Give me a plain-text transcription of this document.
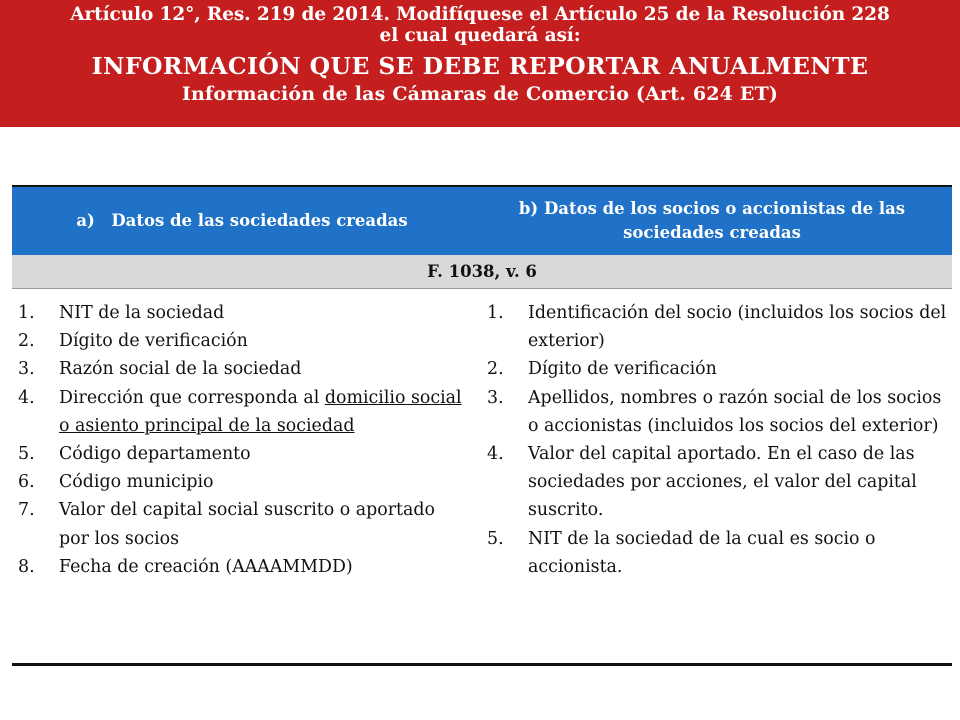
Artículo 12°, Res. 219 de 2014. Modifíquese el Artículo 25 de la Resolución 228
el cual quedará así:
INFORMACIÓN QUE SE DEBE REPORTAR ANUALMENTE
Información de las Cámaras de Comercio (Art. 624 ET)
a) Datos de las sociedades creadas
b) Datos de los socios o accionistas de las sociedades creadas
F. 1038, v. 6
1. NIT de la sociedad
2. Dígito de verificación
3. Razón social de la sociedad
4. Dirección que corresponda al domicilio social o asiento principal de la sociedad
5. Código departamento
6. Código municipio
7. Valor del capital social suscrito o aportado por los socios
8. Fecha de creación (AAAAMMDD)
1. Identificación del socio (incluidos los socios del exterior)
2. Dígito de verificación
3. Apellidos, nombres o razón social de los socios o accionistas (incluidos los socios del exterior)
4. Valor del capital aportado. En el caso de las sociedades por acciones, el valor del capital suscrito.
5. NIT de la sociedad de la cual es socio o accionista.
